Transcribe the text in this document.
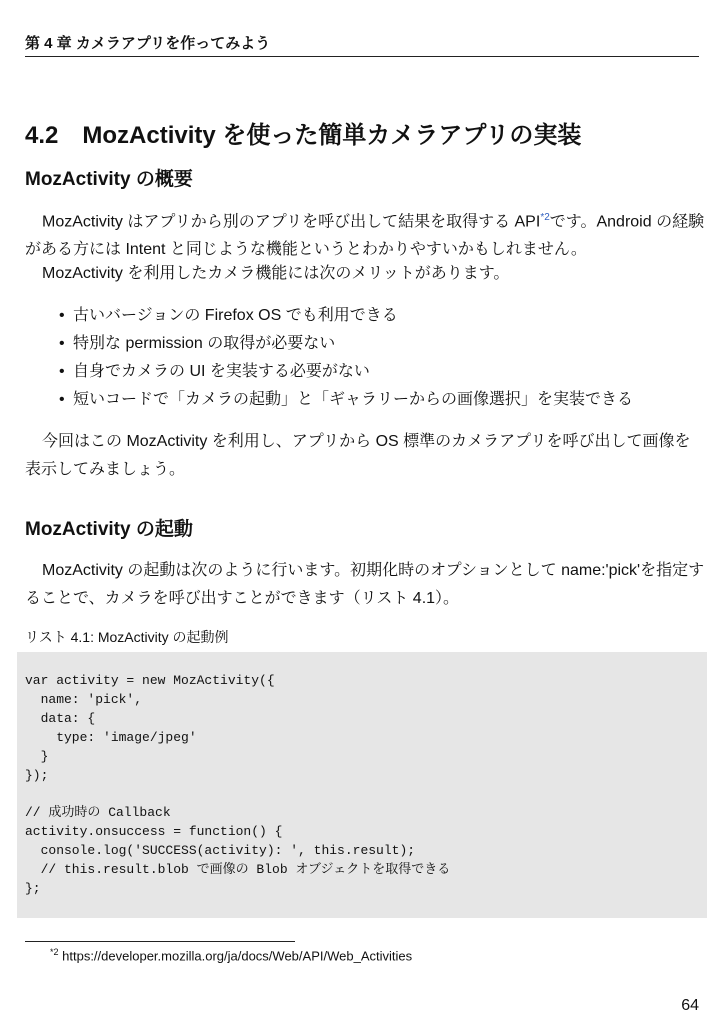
第 4 章 カメラアプリを作ってみよう
4.2 MozActivity を使った簡単カメラアプリの実装
MozActivity の概要
MozActivity はアプリから別のアプリを呼び出して結果を取得する API$^{*2}$です。Android の経験がある方には Intent と同じような機能というとわかりやすいかもしれません。
MozActivity を利用したカメラ機能には次のメリットがあります。
• 古いバージョンの Firefox OS でも利用できる
• 特別な permission の取得が必要ない
• 自身でカメラの UI を実装する必要がない
• 短いコードで「カメラの起動」と「ギャラリーからの画像選択」を実装できる
今回はこの MozActivity を利用し、アプリから OS 標準のカメラアプリを呼び出して画像を表示してみましょう。
MozActivity の起動
MozActivity の起動は次のように行います。初期化時のオプションとして name:'pick'を指定することで、カメラを呼び出すことができます（リスト 4.1）。
リスト 4.1: MozActivity の起動例
var activity = new MozActivity({
name: 'pick',
data: {
type: 'image/jpeg'
}
});

// 成功時の Callback
activity.onsuccess = function() {
console.log('SUCCESS(activity): ', this.result);
// this.result.blob で画像の Blob オブジェクトを取得できる
};
$^{*2}$ https://developer.mozilla.org/ja/docs/Web/API/Web_Activities
64
